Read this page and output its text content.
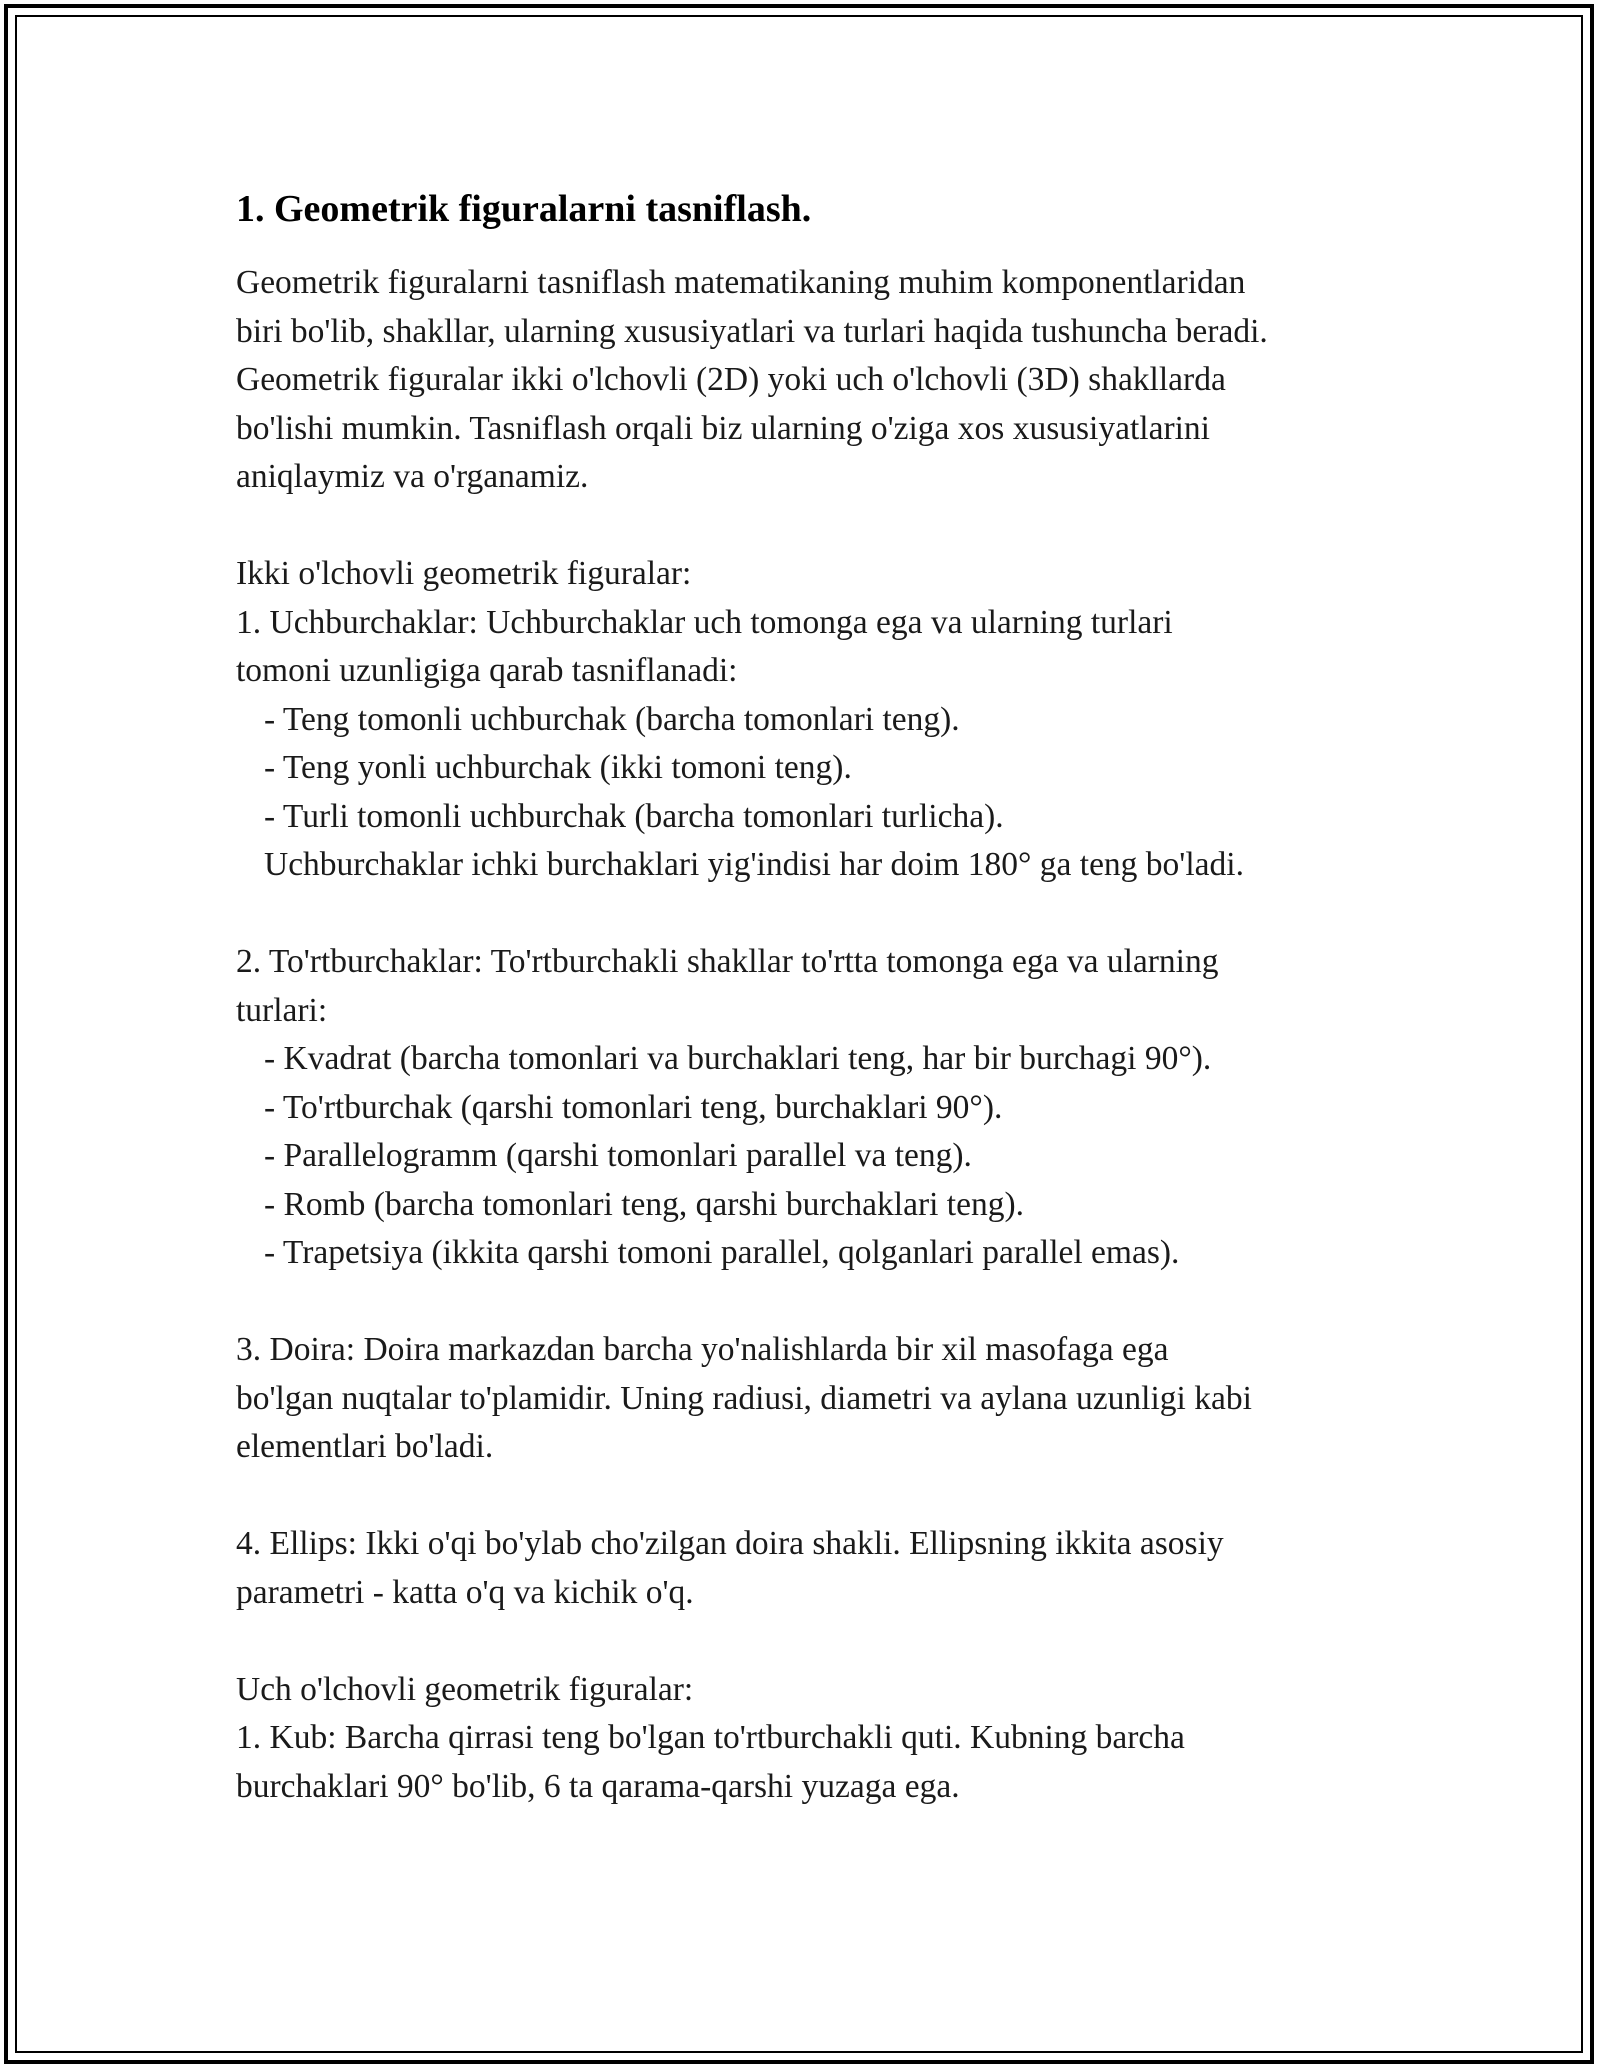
1. Geometrik figuralarni tasniflash.

Geometrik figuralarni tasniflash matematikaning muhim komponentlaridan

biri bo'lib, shakllar, ularning xususiyatlari va turlari haqida tushuncha beradi.

Geometrik figuralar ikki o'lchovli (2D) yoki uch o'lchovli (3D) shakllarda

bo'lishi mumkin. Tasniflash orqali biz ularning o'ziga xos xususiyatlarini

aniqlaymiz va o'rganamiz.

Ikki o'lchovli geometrik figuralar:

1. Uchburchaklar: Uchburchaklar uch tomonga ega va ularning turlari

tomoni uzunligiga qarab tasniflanadi:

- Teng tomonli uchburchak (barcha tomonlari teng).

- Teng yonli uchburchak (ikki tomoni teng).

- Turli tomonli uchburchak (barcha tomonlari turlicha).

Uchburchaklar ichki burchaklari yig'indisi har doim 180° ga teng bo'ladi.

2. To'rtburchaklar: To'rtburchakli shakllar to'rtta tomonga ega va ularning

turlari:

- Kvadrat (barcha tomonlari va burchaklari teng, har bir burchagi 90°).

- To'rtburchak (qarshi tomonlari teng, burchaklari 90°).

- Parallelogramm (qarshi tomonlari parallel va teng).

- Romb (barcha tomonlari teng, qarshi burchaklari teng).

- Trapetsiya (ikkita qarshi tomoni parallel, qolganlari parallel emas).

3. Doira: Doira markazdan barcha yo'nalishlarda bir xil masofaga ega

bo'lgan nuqtalar to'plamidir. Uning radiusi, diametri va aylana uzunligi kabi

elementlari bo'ladi.

4. Ellips: Ikki o'qi bo'ylab cho'zilgan doira shakli. Ellipsning ikkita asosiy

parametri - katta o'q va kichik o'q.

Uch o'lchovli geometrik figuralar:

1. Kub: Barcha qirrasi teng bo'lgan to'rtburchakli quti. Kubning barcha

burchaklari 90° bo'lib, 6 ta qarama-qarshi yuzaga ega.
